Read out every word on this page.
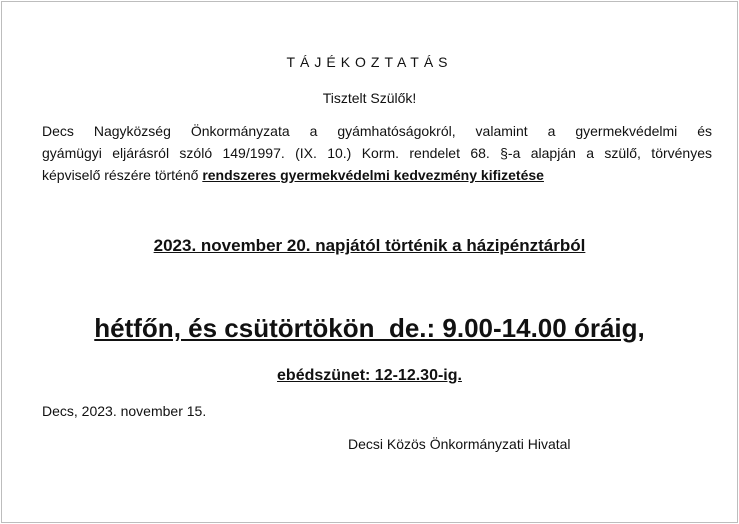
TÁJÉKOZTATÁS
Tisztelt Szülők!
Decs Nagyközség Önkormányzata a gyámhatóságokról, valamint a gyermekvédelmi és
gyámügyi eljárásról szóló 149/1997. (IX. 10.) Korm. rendelet 68. §-a alapján a szülő, törvényes
képviselő részére történő rendszeres gyermekvédelmi kedvezmény kifizetése
2023. november 20. napjától történik a házipénztárból
hétfőn, és csütörtökön  de.: 9.00-14.00 óráig,
ebédszünet: 12-12.30-ig.
Decs, 2023. november 15.
Decsi Közös Önkormányzati Hivatal
